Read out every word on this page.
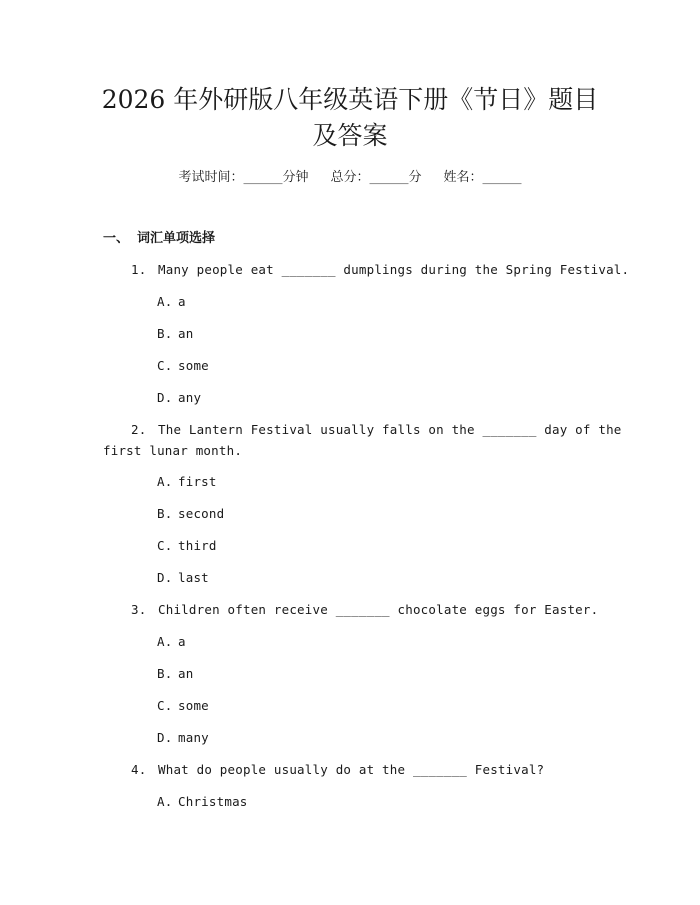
2026 年外研版八年级英语下册《节日》题目
及答案
考试时间：______分钟 总分：______分 姓名：______
一、 词汇单项选择
1. Many people eat _______ dumplings during the Spring Festival.
A. a
B. an
C. some
D. any
2. The Lantern Festival usually falls on the _______ day of the
first lunar month.
A. first
B. second
C. third
D. last
3. Children often receive _______ chocolate eggs for Easter.
A. a
B. an
C. some
D. many
4. What do people usually do at the _______ Festival?
A. Christmas
